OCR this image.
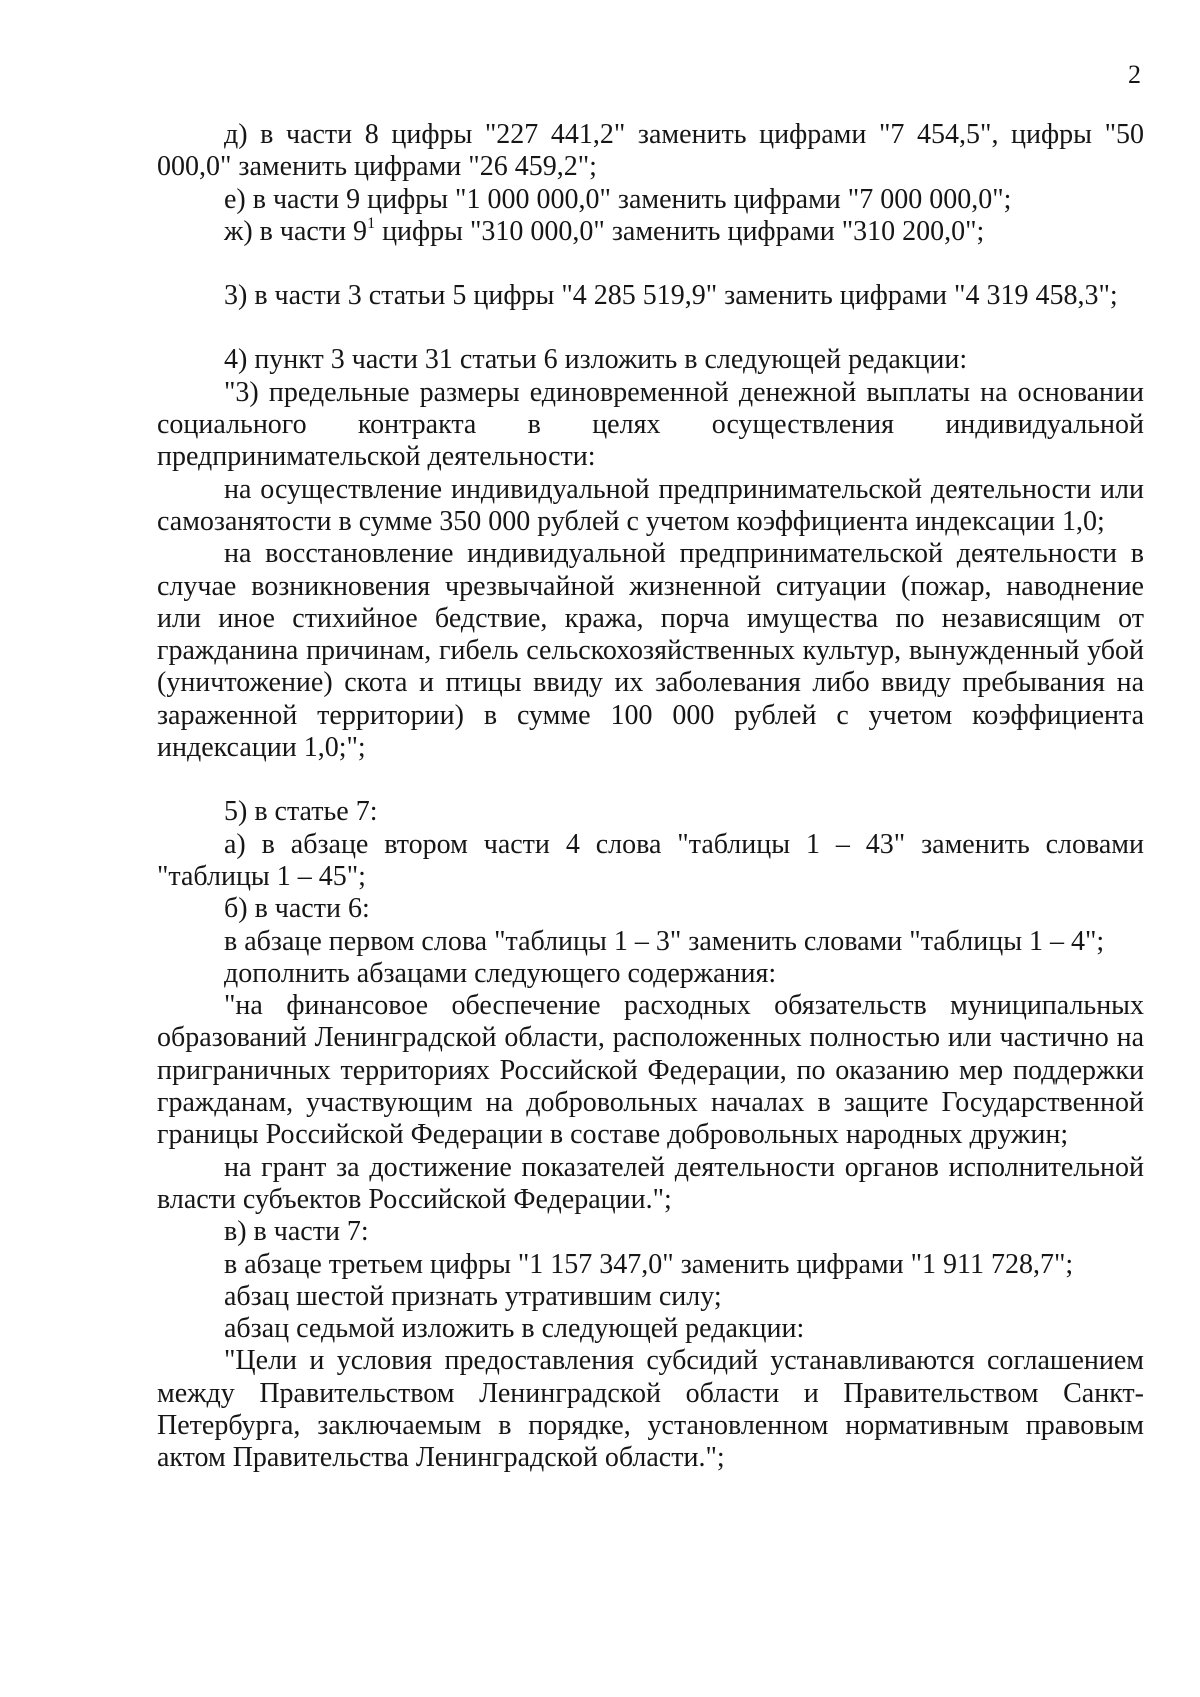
2

д) в части 8 цифры "227 441,2" заменить цифрами "7 454,5", цифры "50 000,0" заменить цифрами "26 459,2";

е) в части 9 цифры "1 000 000,0" заменить цифрами "7 000 000,0";

ж) в части $9^1$ цифры "310 000,0" заменить цифрами "310 200,0";

3) в части 3 статьи 5 цифры "4 285 519,9" заменить цифрами "4 319 458,3";

4) пункт 3 части 31 статьи 6 изложить в следующей редакции:

"3) предельные размеры единовременной денежной выплаты на основании социального контракта в целях осуществления индивидуальной предпринимательской деятельности:

на осуществление индивидуальной предпринимательской деятельности или самозанятости в сумме 350 000 рублей с учетом коэффициента индексации 1,0;

на восстановление индивидуальной предпринимательской деятельности в случае возникновения чрезвычайной жизненной ситуации (пожар, наводнение или иное стихийное бедствие, кража, порча имущества по независящим от гражданина причинам, гибель сельскохозяйственных культур, вынужденный убой (уничтожение) скота и птицы ввиду их заболевания либо ввиду пребывания на зараженной территории) в сумме 100 000 рублей с учетом коэффициента индексации 1,0;";

5) в статье 7:

а) в абзаце втором части 4 слова "таблицы 1 – 43" заменить словами "таблицы 1 – 45";

б) в части 6:

в абзаце первом слова "таблицы 1 – 3" заменить словами "таблицы 1 – 4";

дополнить абзацами следующего содержания:

"на финансовое обеспечение расходных обязательств муниципальных образований Ленинградской области, расположенных полностью или частично на приграничных территориях Российской Федерации, по оказанию мер поддержки гражданам, участвующим на добровольных началах в защите Государственной границы Российской Федерации в составе добровольных народных дружин;

на грант за достижение показателей деятельности органов исполнительной власти субъектов Российской Федерации.";

в) в части 7:

в абзаце третьем цифры "1 157 347,0" заменить цифрами "1 911 728,7";

абзац шестой признать утратившим силу;

абзац седьмой изложить в следующей редакции:

"Цели и условия предоставления субсидий устанавливаются соглашением между Правительством Ленинградской области и Правительством Санкт-Петербурга, заключаемым в порядке, установленном нормативным правовым актом Правительства Ленинградской области.";
